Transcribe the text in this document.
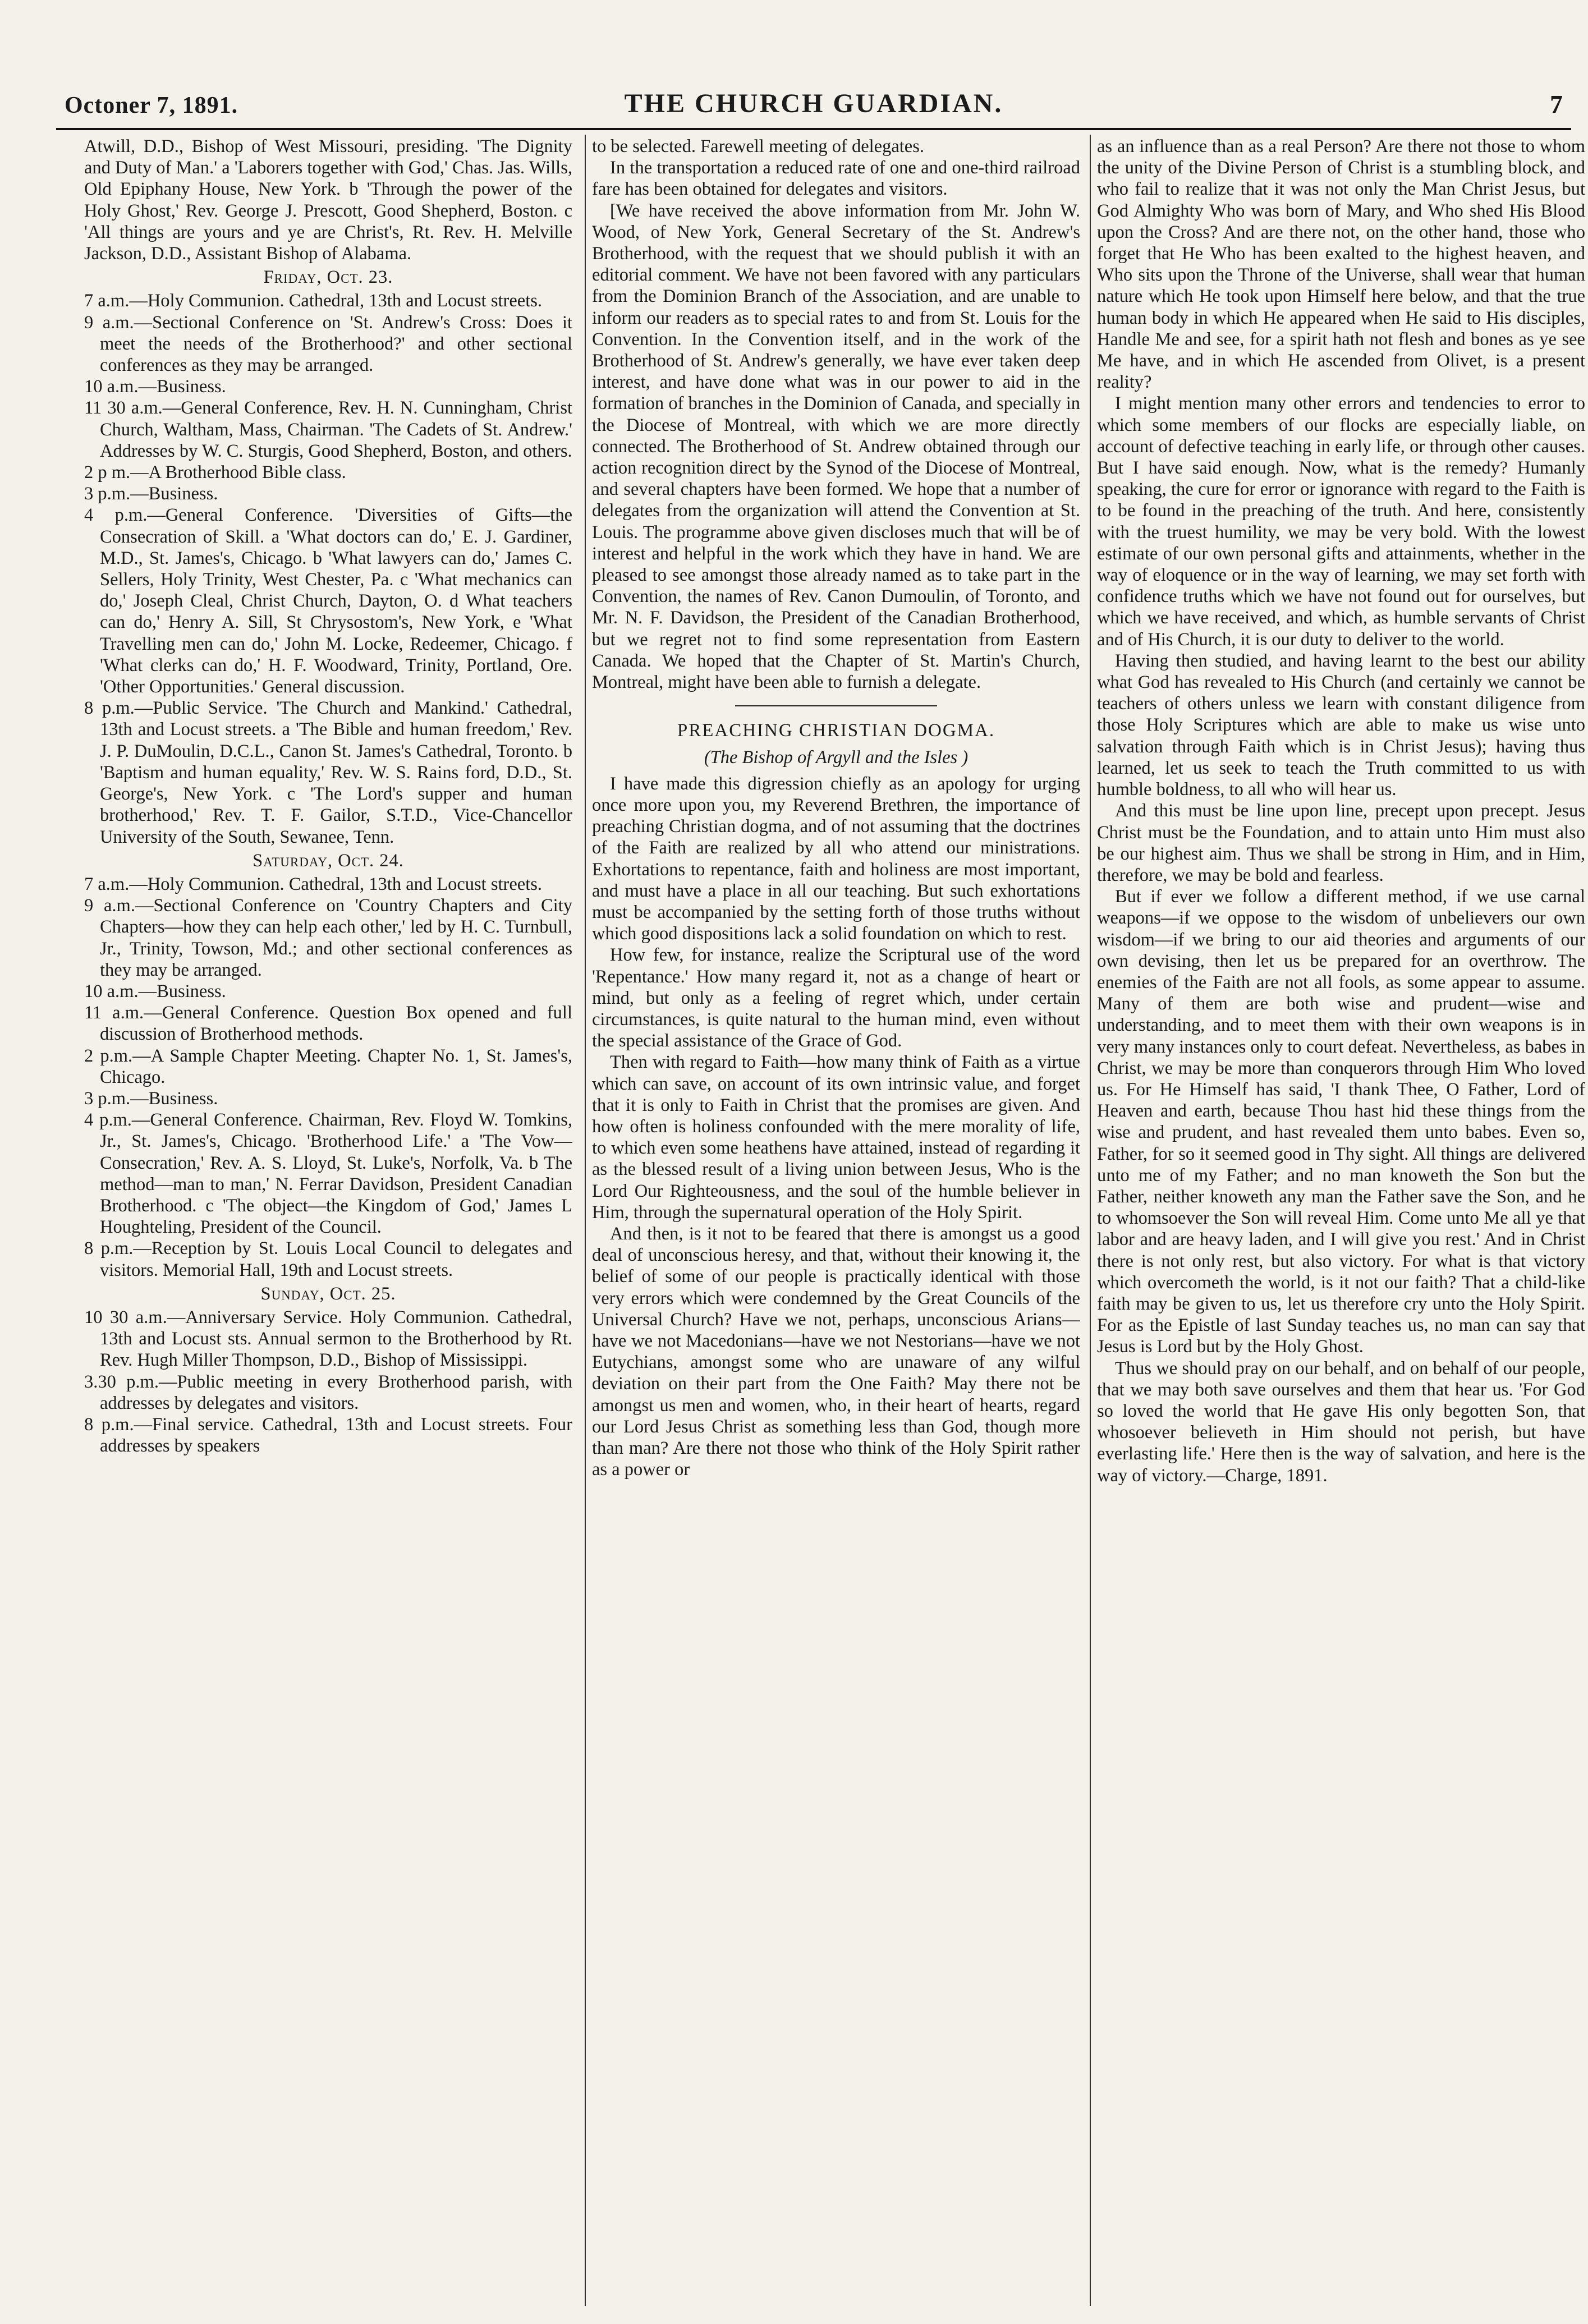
Octoner 7, 1891.	THE CHURCH GUARDIAN.	7

Atwill, D.D., Bishop of West Missouri, presiding. 'The Dignity and Duty of Man.' a 'Laborers together with God,' Chas. Jas. Wills, Old Epiphany House, New York. b 'Through the power of the Holy Ghost,' Rev. George J. Prescott, Good Shepherd, Boston. c 'All things are yours and ye are Christ's, Rt. Rev. H. Melville Jackson, D.D., Assistant Bishop of Alabama.

Friday, Oct. 23.

7 a.m.—Holy Communion. Cathedral, 13th and Locust streets.

9 a.m.—Sectional Conference on 'St. Andrew's Cross: Does it meet the needs of the Brotherhood?' and other sectional conferences as they may be arranged.

10 a.m.—Business.

11 30 a.m.—General Conference, Rev. H. N. Cunningham, Christ Church, Waltham, Mass, Chairman. 'The Cadets of St. Andrew.' Addresses by W. C. Sturgis, Good Shepherd, Boston, and others.

2 p m.—A Brotherhood Bible class.

3 p.m.—Business.

4 p.m.—General Conference. 'Diversities of Gifts—the Consecration of Skill. a 'What doctors can do,' E. J. Gardiner, M.D., St. James's, Chicago. b 'What lawyers can do,' James C. Sellers, Holy Trinity, West Chester, Pa. c 'What mechanics can do,' Joseph Cleal, Christ Church, Dayton, O. d What teachers can do,' Henry A. Sill, St Chrysostom's, New York, e 'What Travelling men can do,' John M. Locke, Redeemer, Chicago. f 'What clerks can do,' H. F. Woodward, Trinity, Portland, Ore. 'Other Opportunities.' General discussion.

8 p.m.—Public Service. 'The Church and Mankind.' Cathedral, 13th and Locust streets. a 'The Bible and human freedom,' Rev. J. P. DuMoulin, D.C.L., Canon St. James's Cathedral, Toronto. b 'Baptism and human equality,' Rev. W. S. Rains ford, D.D., St. George's, New York. c 'The Lord's supper and human brotherhood,' Rev. T. F. Gailor, S.T.D., Vice-Chancellor University of the South, Sewanee, Tenn.

Saturday, Oct. 24.

7 a.m.—Holy Communion. Cathedral, 13th and Locust streets.

9 a.m.—Sectional Conference on 'Country Chapters and City Chapters—how they can help each other,' led by H. C. Turnbull, Jr., Trinity, Towson, Md.; and other sectional conferences as they may be arranged.

10 a.m.—Business.

11 a.m.—General Conference. Question Box opened and full discussion of Brotherhood methods.

2 p.m.—A Sample Chapter Meeting. Chapter No. 1, St. James's, Chicago.

3 p.m.—Business.

4 p.m.—General Conference. Chairman, Rev. Floyd W. Tomkins, Jr., St. James's, Chicago. 'Brotherhood Life.' a 'The Vow—Consecration,' Rev. A. S. Lloyd, St. Luke's, Norfolk, Va. b The method—man to man,' N. Ferrar Davidson, President Canadian Brotherhood. c 'The object—the Kingdom of God,' James L Houghteling, President of the Council.

8 p.m.—Reception by St. Louis Local Council to delegates and visitors. Memorial Hall, 19th and Locust streets.

Sunday, Oct. 25.

10 30 a.m.—Anniversary Service. Holy Communion. Cathedral, 13th and Locust sts. Annual sermon to the Brotherhood by Rt. Rev. Hugh Miller Thompson, D.D., Bishop of Mississippi.

3.30 p.m.—Public meeting in every Brotherhood parish, with addresses by delegates and visitors.

8 p.m.—Final service. Cathedral, 13th and Locust streets. Four addresses by speakers

to be selected. Farewell meeting of delegates.

In the transportation a reduced rate of one and one-third railroad fare has been obtained for delegates and visitors.

[We have received the above information from Mr. John W. Wood, of New York, General Secretary of the St. Andrew's Brotherhood, with the request that we should publish it with an editorial comment. We have not been favored with any particulars from the Dominion Branch of the Association, and are unable to inform our readers as to special rates to and from St. Louis for the Convention. In the Convention itself, and in the work of the Brotherhood of St. Andrew's generally, we have ever taken deep interest, and have done what was in our power to aid in the formation of branches in the Dominion of Canada, and specially in the Diocese of Montreal, with which we are more directly connected. The Brotherhood of St. Andrew obtained through our action recognition direct by the Synod of the Diocese of Montreal, and several chapters have been formed. We hope that a number of delegates from the organization will attend the Convention at St. Louis. The programme above given discloses much that will be of interest and helpful in the work which they have in hand. We are pleased to see amongst those already named as to take part in the Convention, the names of Rev. Canon Dumoulin, of Toronto, and Mr. N. F. Davidson, the President of the Canadian Brotherhood, but we regret not to find some representation from Eastern Canada. We hoped that the Chapter of St. Martin's Church, Montreal, might have been able to furnish a delegate.

PREACHING CHRISTIAN DOGMA.

(The Bishop of Argyll and the Isles )

I have made this digression chiefly as an apology for urging once more upon you, my Reverend Brethren, the importance of preaching Christian dogma, and of not assuming that the doctrines of the Faith are realized by all who attend our ministrations. Exhortations to repentance, faith and holiness are most important, and must have a place in all our teaching. But such exhortations must be accompanied by the setting forth of those truths without which good dispositions lack a solid foundation on which to rest.

How few, for instance, realize the Scriptural use of the word 'Repentance.' How many regard it, not as a change of heart or mind, but only as a feeling of regret which, under certain circumstances, is quite natural to the human mind, even without the special assistance of the Grace of God.

Then with regard to Faith—how many think of Faith as a virtue which can save, on account of its own intrinsic value, and forget that it is only to Faith in Christ that the promises are given. And how often is holiness confounded with the mere morality of life, to which even some heathens have attained, instead of regarding it as the blessed result of a living union between Jesus, Who is the Lord Our Righteousness, and the soul of the humble believer in Him, through the supernatural operation of the Holy Spirit.

And then, is it not to be feared that there is amongst us a good deal of unconscious heresy, and that, without their knowing it, the belief of some of our people is practically identical with those very errors which were condemned by the Great Councils of the Universal Church? Have we not, perhaps, unconscious Arians—have we not Macedonians—have we not Nestorians—have we not Eutychians, amongst some who are unaware of any wilful deviation on their part from the One Faith? May there not be amongst us men and women, who, in their heart of hearts, regard our Lord Jesus Christ as something less than God, though more than man? Are there not those who think of the Holy Spirit rather as a power or

as an influence than as a real Person? Are there not those to whom the unity of the Divine Person of Christ is a stumbling block, and who fail to realize that it was not only the Man Christ Jesus, but God Almighty Who was born of Mary, and Who shed His Blood upon the Cross? And are there not, on the other hand, those who forget that He Who has been exalted to the highest heaven, and Who sits upon the Throne of the Universe, shall wear that human nature which He took upon Himself here below, and that the true human body in which He appeared when He said to His disciples, Handle Me and see, for a spirit hath not flesh and bones as ye see Me have, and in which He ascended from Olivet, is a present reality?

I might mention many other errors and tendencies to error to which some members of our flocks are especially liable, on account of defective teaching in early life, or through other causes. But I have said enough. Now, what is the remedy? Humanly speaking, the cure for error or ignorance with regard to the Faith is to be found in the preaching of the truth. And here, consistently with the truest humility, we may be very bold. With the lowest estimate of our own personal gifts and attainments, whether in the way of eloquence or in the way of learning, we may set forth with confidence truths which we have not found out for ourselves, but which we have received, and which, as humble servants of Christ and of His Church, it is our duty to deliver to the world.

Having then studied, and having learnt to the best our ability what God has revealed to His Church (and certainly we cannot be teachers of others unless we learn with constant diligence from those Holy Scriptures which are able to make us wise unto salvation through Faith which is in Christ Jesus); having thus learned, let us seek to teach the Truth committed to us with humble boldness, to all who will hear us.

And this must be line upon line, precept upon precept. Jesus Christ must be the Foundation, and to attain unto Him must also be our highest aim. Thus we shall be strong in Him, and in Him, therefore, we may be bold and fearless.

But if ever we follow a different method, if we use carnal weapons—if we oppose to the wisdom of unbelievers our own wisdom—if we bring to our aid theories and arguments of our own devising, then let us be prepared for an overthrow. The enemies of the Faith are not all fools, as some appear to assume. Many of them are both wise and prudent—wise and understanding, and to meet them with their own weapons is in very many instances only to court defeat. Nevertheless, as babes in Christ, we may be more than conquerors through Him Who loved us. For He Himself has said, 'I thank Thee, O Father, Lord of Heaven and earth, because Thou hast hid these things from the wise and prudent, and hast revealed them unto babes. Even so, Father, for so it seemed good in Thy sight. All things are delivered unto me of my Father; and no man knoweth the Son but the Father, neither knoweth any man the Father save the Son, and he to whomsoever the Son will reveal Him. Come unto Me all ye that labor and are heavy laden, and I will give you rest.' And in Christ there is not only rest, but also victory. For what is that victory which overcometh the world, is it not our faith? That a child-like faith may be given to us, let us therefore cry unto the Holy Spirit. For as the Epistle of last Sunday teaches us, no man can say that Jesus is Lord but by the Holy Ghost.

Thus we should pray on our behalf, and on behalf of our people, that we may both save ourselves and them that hear us. 'For God so loved the world that He gave His only begotten Son, that whosoever believeth in Him should not perish, but have everlasting life.' Here then is the way of salvation, and here is the way of victory.—Charge, 1891.
